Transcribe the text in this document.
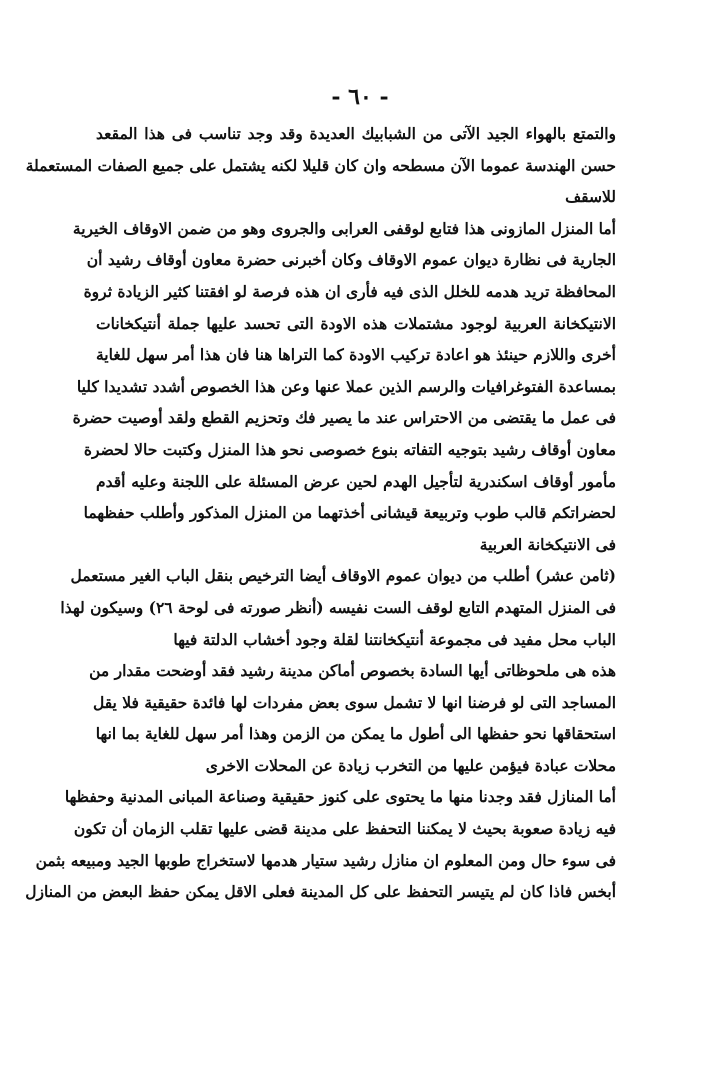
- ٦٠ -
والتمتع بالهواء الجيد الآتى من الشبابيك العديدة وقد وجد تناسب فى هذا المقعد
حسن الهندسة عموما الآن مسطحه وان كان قليلا لكنه يشتمل على جميع الصفات المستعملة
للاسقف
أما المنزل المازونى هذا فتابع لوقفى العرابى والجروى وهو من ضمن الاوقاف الخيرية
الجارية فى نظارة ديوان عموم الاوقاف وكان أخبرنى حضرة معاون أوقاف رشيد أن
المحافظة تريد هدمه للخلل الذى فيه فأرى ان هذه فرصة لو افقتنا كثير الزيادة ثروة
الانتيكخانة العربية لوجود مشتملات هذه الاودة التى تحسد عليها جملة أنتيكخانات
أخرى واللازم حينئذ هو اعادة تركيب الاودة كما التراها هنا فان هذا أمر سهل للغاية
بمساعدة الفتوغرافيات والرسم الذين عملا عنها وعن هذا الخصوص أشدد تشديدا كليا
فى عمل ما يقتضى من الاحتراس عند ما يصير فك وتحزيم القطع ولقد أوصيت حضرة
معاون أوقاف رشيد بتوجيه التفاته بنوع خصوصى نحو هذا المنزل وكتبت حالا لحضرة
مأمور أوقاف اسكندرية لتأجيل الهدم لحين عرض المسئلة على اللجنة وعليه أقدم
لحضراتكم قالب طوب وتربيعة قيشانى أخذتهما من المنزل المذكور وأطلب حفظهما
فى الانتيكخانة العربية
(ثامن عشر) أطلب من ديوان عموم الاوقاف أيضا الترخيص بنقل الباب الغير مستعمل
فى المنزل المتهدم التابع لوقف الست نفيسه (أنظر صورته فى لوحة ٢٦) وسيكون لهذا
الباب محل مفيد فى مجموعة أنتيكخانتنا لقلة وجود أخشاب الدلتة فيها
هذه هى ملحوظاتى أيها السادة بخصوص أماكن مدينة رشيد فقد أوضحت مقدار من
المساجد التى لو فرضنا انها لا تشمل سوى بعض مفردات لها فائدة حقيقية فلا يقل
استحقاقها نحو حفظها الى أطول ما يمكن من الزمن وهذا أمر سهل للغاية بما انها
محلات عبادة فيؤمن عليها من التخرب زيادة عن المحلات الاخرى
أما المنازل فقد وجدنا منها ما يحتوى على كنوز حقيقية وصناعة المبانى المدنية وحفظها
فيه زيادة صعوبة بحيث لا يمكننا التحفظ على مدينة قضى عليها تقلب الزمان أن تكون
فى سوء حال ومن المعلوم ان منازل رشيد ستيار هدمها لاستخراج طوبها الجيد ومبيعه بثمن
أبخس فاذا كان لم يتيسر التحفظ على كل المدينة فعلى الاقل يمكن حفظ البعض من المنازل
